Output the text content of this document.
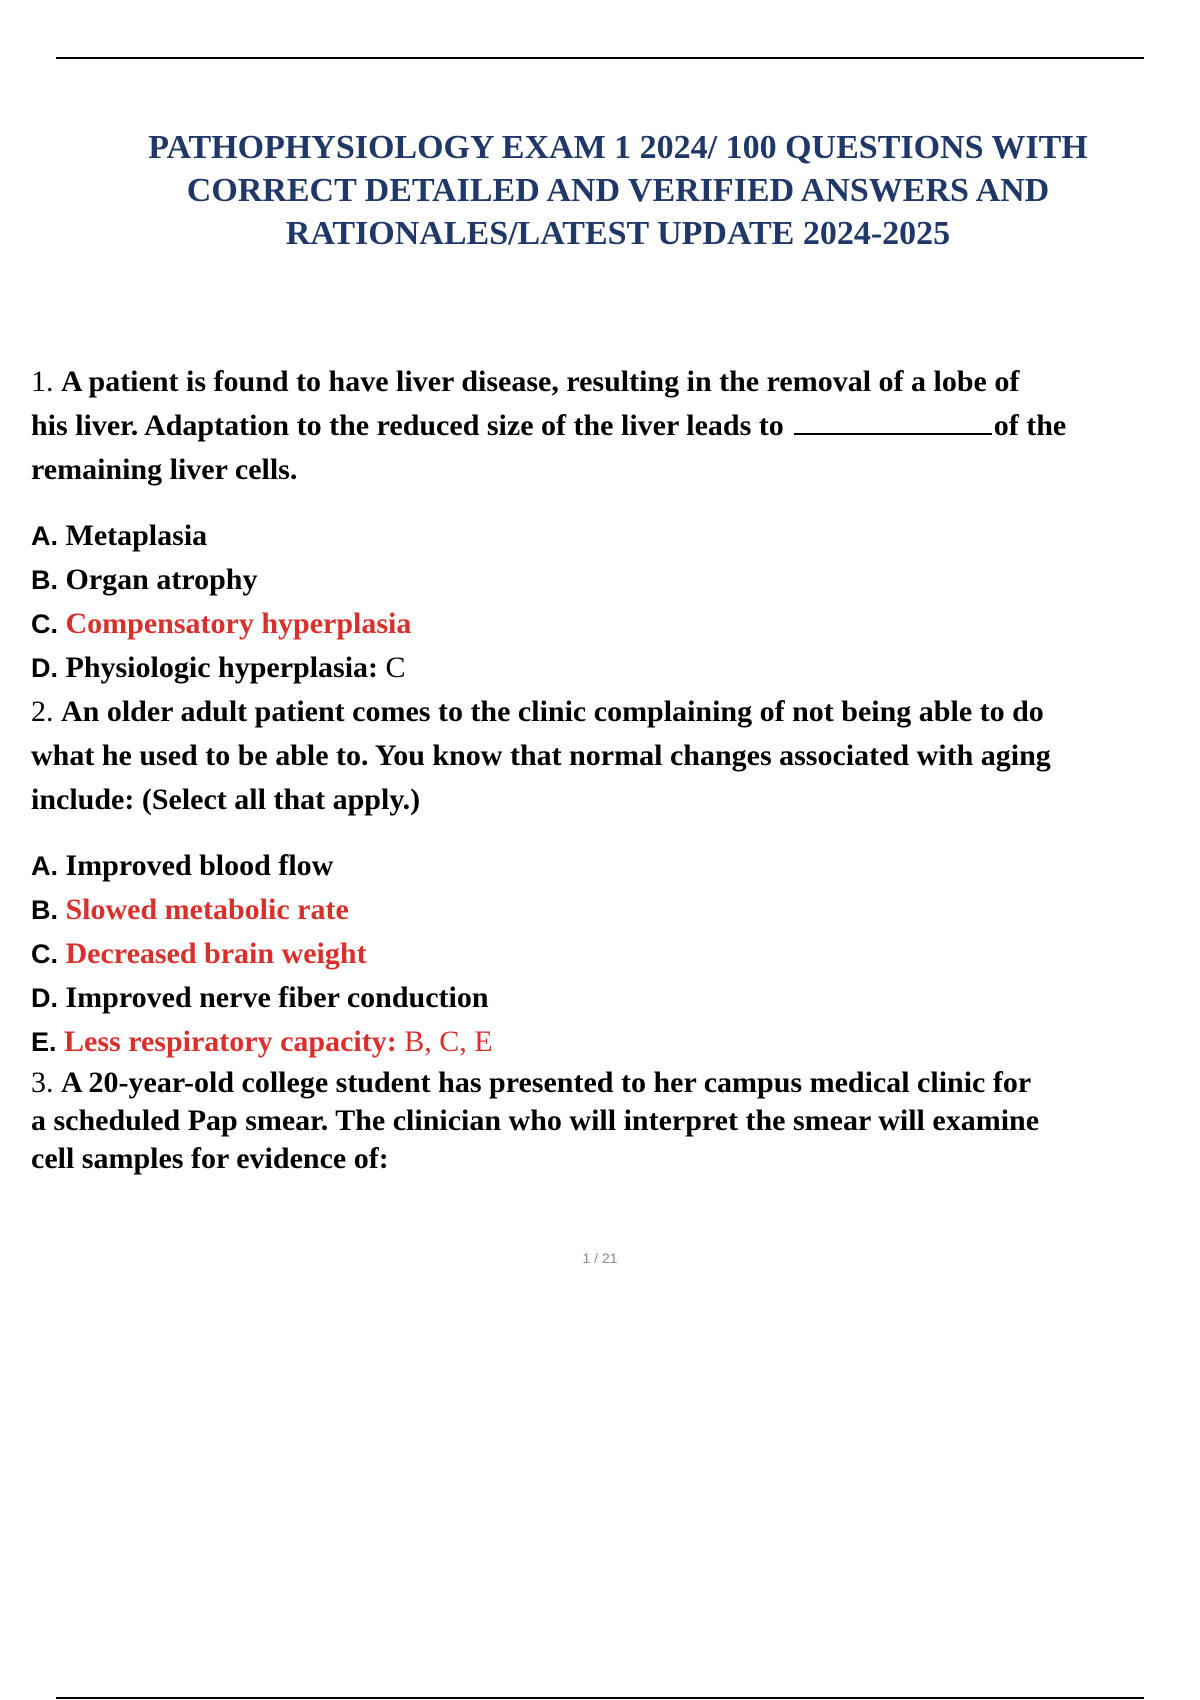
PATHOPHYSIOLOGY EXAM 1 2024/ 100 QUESTIONS WITH
CORRECT DETAILED AND VERIFIED ANSWERS AND
RATIONALES/LATEST UPDATE 2024-2025
1. A patient is found to have liver disease, resulting in the removal of a lobe of
his liver. Adaptation to the reduced size of the liver leads to	of the
remaining liver cells.
A. Metaplasia
B. Organ atrophy
C. Compensatory hyperplasia
D. Physiologic hyperplasia: C
2. An older adult patient comes to the clinic complaining of not being able to do
what he used to be able to. You know that normal changes associated with aging
include: (Select all that apply.)
A. Improved blood flow
B. Slowed metabolic rate
C. Decreased brain weight
D. Improved nerve fiber conduction
E. Less respiratory capacity: B, C, E
3. A 20-year-old college student has presented to her campus medical clinic for
a scheduled Pap smear. The clinician who will interpret the smear will examine
cell samples for evidence of:
1 / 21
